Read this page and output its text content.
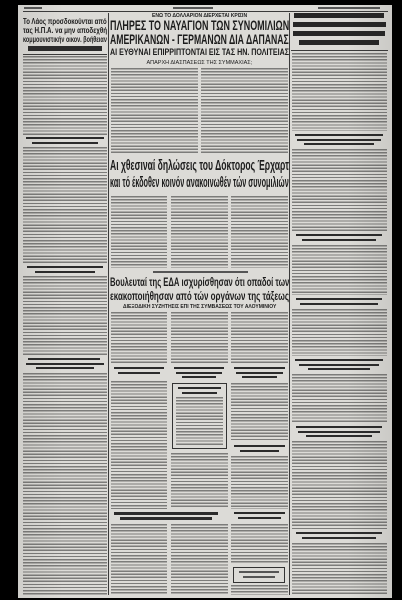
Το Λάος προσδοκούνται από
τας Η.Π.Α. να μην αποδεχθή
κομμουνιστικήν οικον. βοήθειαν
ΕΝΩ ΤΟ ΔΟΛΛΑΡΙΟΝ ΔΙΕΡΧΕΤΑΙ ΚΡΙΣΙΝ
ΠΛΗΡΕΣ ΤΟ ΝΑΥΑΓΙΟΝ ΤΩΝ ΣΥΝΟΜΙΛΙΩΝ
ΑΜΕΡΙΚΑΝΩΝ - ΓΕΡΜΑΝΩΝ ΔΙΑ ΔΑΠΑΝΑΣ
ΑΙ ΕΥΘΥΝΑΙ ΕΠΙΡΡΙΠΤΟΝΤΑΙ ΕΙΣ ΤΑΣ ΗΝ. ΠΟΛΙΤΕΙΑΣ
ΑΠΑΡΧΗ ΔΙΑΣΠΑΣΕΩΣ ΤΗΣ ΣΥΜΜΑΧΙΑΣ;
Αι χθεσιναί δηλώσεις του Δόκτορος Έρχαρτ
και τό έκδοθεν κοινόν ανακοινωθέν τών συνομιλιών
Βουλευταί της ΕΔΑ ισχυρίσθησαν ότι οπαδοί των
εκακοποιήθησαν από τών οργάνων της τάξεως
ΔΙΕΞΟΔΙΚΗ ΣΥΖΗΤΗΣΙΣ ΕΠΙ ΤΗΣ ΣΥΜΒΑΣΕΩΣ ΤΟΥ ΑΛΟΥΜΙΝΙΟΥ
